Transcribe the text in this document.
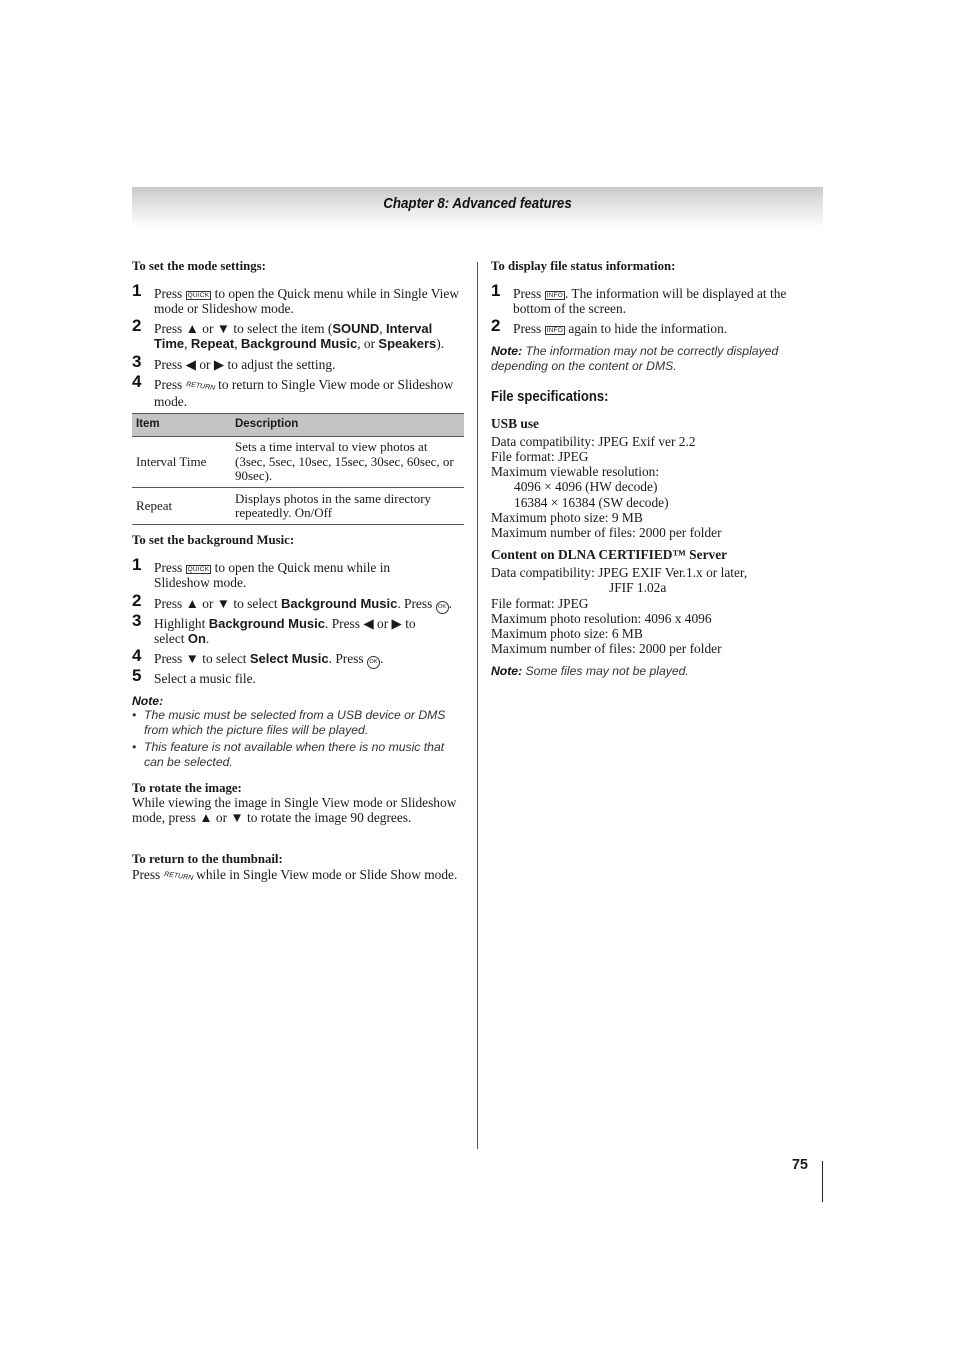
Chapter 8: Advanced features
To set the mode settings:
1 Press QUICK to open the Quick menu while in Single View mode or Slideshow mode.
2 Press ▲ or ▼ to select the item (SOUND, Interval Time, Repeat, Background Music, or Speakers).
3 Press ◀ or ▶ to adjust the setting.
4 Press RETURN to return to Single View mode or Slideshow mode.
Item	Description
Interval Time	Sets a time interval to view photos at (3sec, 5sec, 10sec, 15sec, 30sec, 60sec, or 90sec).
Repeat	Displays photos in the same directory repeatedly. On/Off
To set the background Music:
1 Press QUICK to open the Quick menu while in Slideshow mode.
2 Press ▲ or ▼ to select Background Music. Press OK .
3 Highlight Background Music. Press ◀ or ▶ to select On.
4 Press ▼ to select Select Music. Press OK .
5 Select a music file.
Note:
• The music must be selected from a USB device or DMS from which the picture files will be played.
• This feature is not available when there is no music that can be selected.
To rotate the image:
While viewing the image in Single View mode or Slideshow mode, press ▲ or ▼ to rotate the image 90 degrees.
To return to the thumbnail:
Press RETURN while in Single View mode or Slide Show mode.
To display file status information:
1 Press INFO . The information will be displayed at the bottom of the screen.
2 Press INFO again to hide the information.
Note: The information may not be correctly displayed depending on the content or DMS.
File specifications:
USB use
Data compatibility: JPEG Exif ver 2.2
File format: JPEG
Maximum viewable resolution:
4096 × 4096 (HW decode)
16384 × 16384 (SW decode)
Maximum photo size: 9 MB
Maximum number of files: 2000 per folder
Content on DLNA CERTIFIED™ Server
Data compatibility: JPEG EXIF Ver.1.x or later,
JFIF 1.02a
File format: JPEG
Maximum photo resolution: 4096 x 4096
Maximum photo size: 6 MB
Maximum number of files: 2000 per folder
Note: Some files may not be played.
75
